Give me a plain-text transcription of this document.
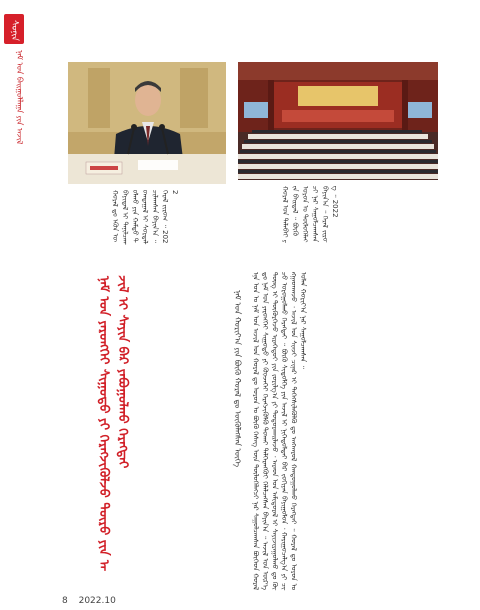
ᠰᠣᠨᠢᠨ
ᠨᠠᠮ ᠤᠨ ᠪᠠᠢᠭᠤᠯᠯᠠᠭᠠ ᠶᠢᠨ ᠠᠵᠢᠯ
ᠬᠤᠷᠠᠯ ᠳᠤ ᠡᠭᠦᠨ ᠦ ᠪᠠᠶᠢᠳᠠᠯ ᠢ ᠲᠠᠨᠢᠯᠴᠠᠭᠤᠯᠬᠤ ᠶᠢᠨ ᠬᠠᠮᠲᠤ ᠲᠣᠭᠲᠠᠭᠠᠯ ᠢ ᠰᠤᠷᠲᠠᠯᠴᠢᠯᠠᠭᠰᠠᠨ ᠪᠠᠶᠢᠨ᠎ᠠ ᠃ ᠭᠡᠷᠡᠯ ᠵᠢᠷᠤᠭ ᠃ 2022	ᠬᠤᠷᠠᠯ ᠤᠨ ᠲᠠᠯᠠᠪᠠᠢ ᠶᠢᠨ ᠪᠠᠢᠳᠠᠯ ᠃ ᠪᠦᠬᠦ ᠣᠷᠤᠨ ᠤ ᠲᠥᠯᠦᠭᠡᠯᠡᠭᠴᠢ ᠨᠠᠷ ᠰᠠᠭᠤᠯᠴᠠᠭᠰᠠᠨ ᠪᠠᠶᠢᠨ᠎ᠠ ᠃ ᠭᠡᠷᠡᠯ ᠵᠢᠷᠤᠭ ᠃ 2022
ᠨᠠᠮ ᠤᠨ ᠶᠡᠷᠦᠩᠬᠡᠢ ᠰᠢᠭᠤᠳᠤ ᠶᠢ ᠬᠡᠷᠡᠭᠵᠢᠭᠦᠯᠵᠦ ᠲᠥᠷᠦ ᠶᠢᠨ ᠠᠵᠢᠯ ᠢ ᠰᠠᠶᠢᠨ ᠪᠡᠷ ᠶᠠᠪᠤᠭᠤᠯᠬᠤ ᠬᠡᠷᠡᠭᠲᠡᠢ	ᠨᠠᠮ ᠤᠨ ᠬᠣᠷᠢᠶ᠎ᠠ ᠶᠢᠨ ᠪᠦᠬᠦ ᠬᠤᠷᠠᠯ ᠳᠤ ᠦᠭᠦᠯᠡᠭᠰᠡᠨ ᠦᠭᠡ ᠡᠨᠡ ᠣᠨ ᠤ ᠨᠠᠮ ᠤᠨ ᠠᠵᠢᠯ ᠤᠨ ᠬᠤᠷᠠᠯ ᠳᠤ ᠣᠷᠤᠨ ᠤ ᠪᠦᠬᠦ ᠬᠡᠰᠡᠭ ᠦᠨ ᠲᠥᠯᠦᠭᠡᠯᠡᠭᠴᠢ ᠨᠠᠷ ᠰᠠᠭᠤᠯᠴᠠᠭᠰᠠᠨ ᠪᠥᠭᠡᠳ ᠬᠤᠷᠠᠯ ᠳᠤ ᠨᠠᠮ ᠤᠨ ᠶᠡᠷᠦᠩᠬᠡᠢ ᠰᠢᠭᠤᠳᠤ ᠶᠢ ᠭᠦᠨᠵᠡᠭᠡᠢ ᠬᠡᠷᠡᠭᠵᠢᠭᠦᠯᠬᠦ ᠲᠤᠬᠠᠢ ᠳᠡᠯᠭᠡᠷᠡᠩᠭᠦᠢ ᠬᠡᠯᠡᠯᠴᠡᠭᠰᠡᠨ ᠪᠠᠶᠢᠨ᠎ᠠ ᠃ ᠠᠵᠢᠯ ᠤᠨ ᠦᠷ᠎ᠡ ᠳᠦᠩ ᠢ ᠳᠦᠭᠦᠷᠭᠡᠵᠦ ᠢᠷᠡᠭᠡᠳᠦᠢ ᠶᠢᠨ ᠵᠣᠷᠢᠯᠭ᠎ᠠ ᠶᠢ ᠲᠣᠳᠣᠷᠬᠠᠢᠯᠠᠵᠤ ᠂ ᠠᠷᠠᠳ ᠤᠨ ᠠᠮᠢᠳᠤᠷᠠᠯ ᠢ ᠰᠠᠶᠢᠵᠢᠷᠠᠭᠤᠯᠬᠤ ᠳᠤ ᠬᠦᠴᠦ ᠣᠷᠣᠭᠤᠯᠬᠤ ᠬᠡᠷᠡᠭᠲᠡᠢ ᠃ ᠪᠦᠬᠦ ᠰᠢᠲᠦᠯᠭᠡ ᠶᠢᠨ ᠠᠵᠢᠯ ᠢ ᠨᠢᠭᠡᠳᠦᠯᠲᠡᠢ ᠪᠡᠷ ᠵᠣᠬᠢᠶᠠᠨ ᠪᠠᠶᠢᠭᠤᠯᠤᠨ ᠂ ᠬᠠᠷᠢᠭᠤᠴᠠᠯᠭ᠎ᠠ ᠶᠢ ᠴᠢᠩᠭᠠᠳᠬᠠᠵᠤ ᠂ ᠠᠵᠢᠯ ᠤᠨ ᠰᠢᠨᠵᠢ ᠴᠢᠨᠠᠷ ᠢ ᠳᠡᠭᠡᠭᠰᠢᠯᠡᠭᠦᠯᠬᠦ ᠳᠤ ᠠᠩᠬᠠᠷᠤᠯ ᠬᠠᠨᠳᠤᠭᠤᠯᠬᠤ ᠬᠡᠷᠡᠭᠲᠡᠢ ᠃ ᠬᠤᠷᠠᠯ ᠳᠤ ᠣᠷᠤᠨ ᠤ ᠣᠯᠠᠨ ᠬᠣᠷᠢᠶ᠎ᠠ ᠨᠠᠷ ᠰᠠᠭᠤᠯᠴᠠᠭᠰᠠᠨ ᠃
8 2022.10
